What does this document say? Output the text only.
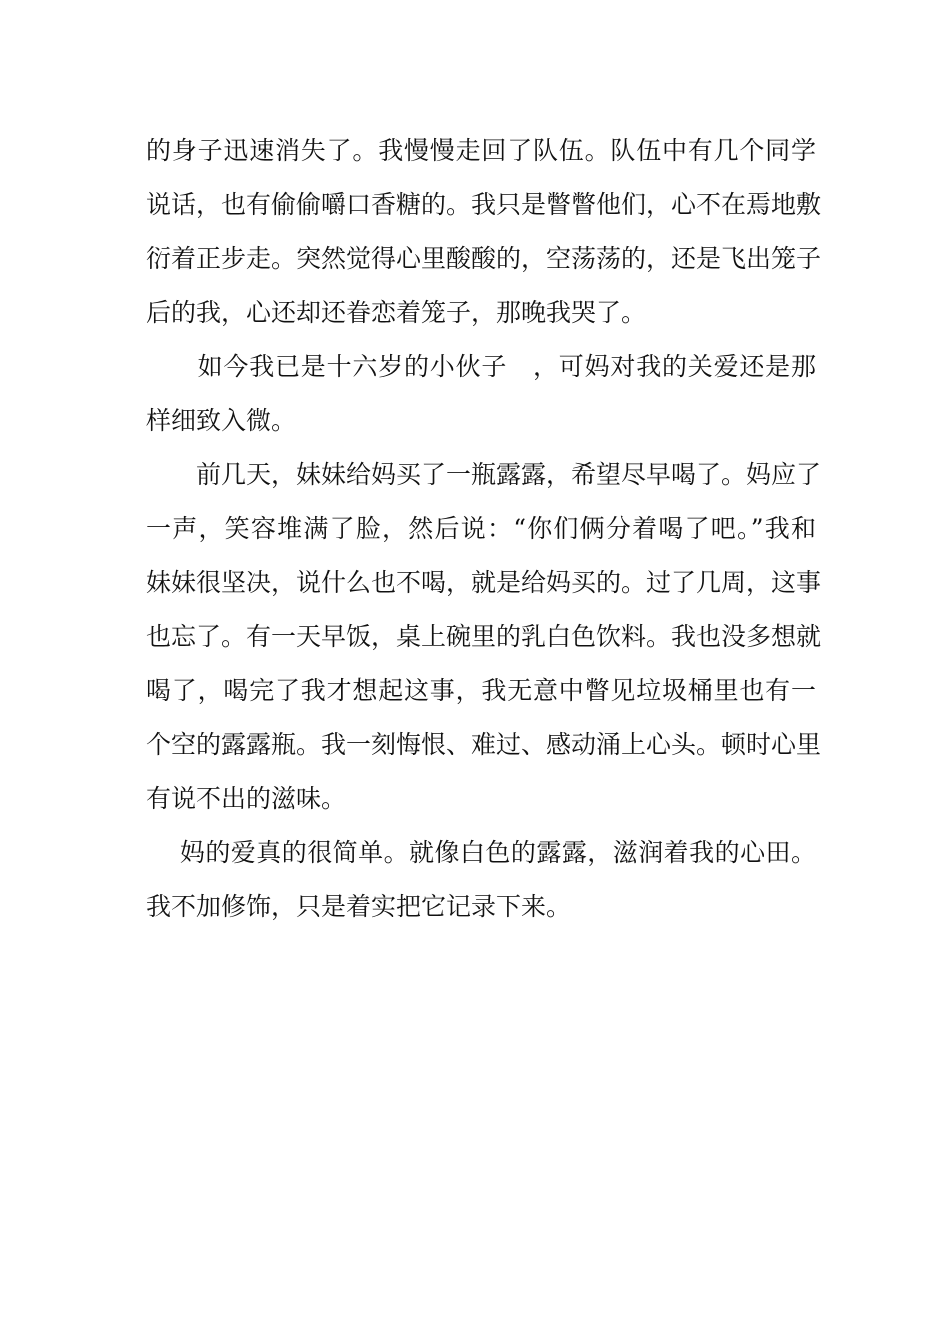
的身子迅速消失了。我慢慢走回了队伍。队伍中有几个同学
说话，也有偷偷嚼口香糖的。我只是瞥瞥他们，心不在焉地敷
衍着正步走。突然觉得心里酸酸的，空荡荡的，还是飞出笼子
后的我，心还却还眷恋着笼子，那晚我哭了。
　　如今我已是十六岁的小伙子　，可妈对我的关爱还是那
样细致入微。
　　前几天，妹妹给妈买了一瓶露露，希望尽早喝了。妈应了
一声，笑容堆满了脸，然后说：“你们俩分着喝了吧。”我和
妹妹很坚决，说什么也不喝，就是给妈买的。过了几周，这事
也忘了。有一天早饭，桌上碗里的乳白色饮料。我也没多想就
喝了，喝完了我才想起这事，我无意中瞥见垃圾桶里也有一
个空的露露瓶。我一刻悔恨、难过、感动涌上心头。顿时心里
有说不出的滋味。
　 妈的爱真的很简单。就像白色的露露，滋润着我的心田。
我不加修饰，只是着实把它记录下来。
